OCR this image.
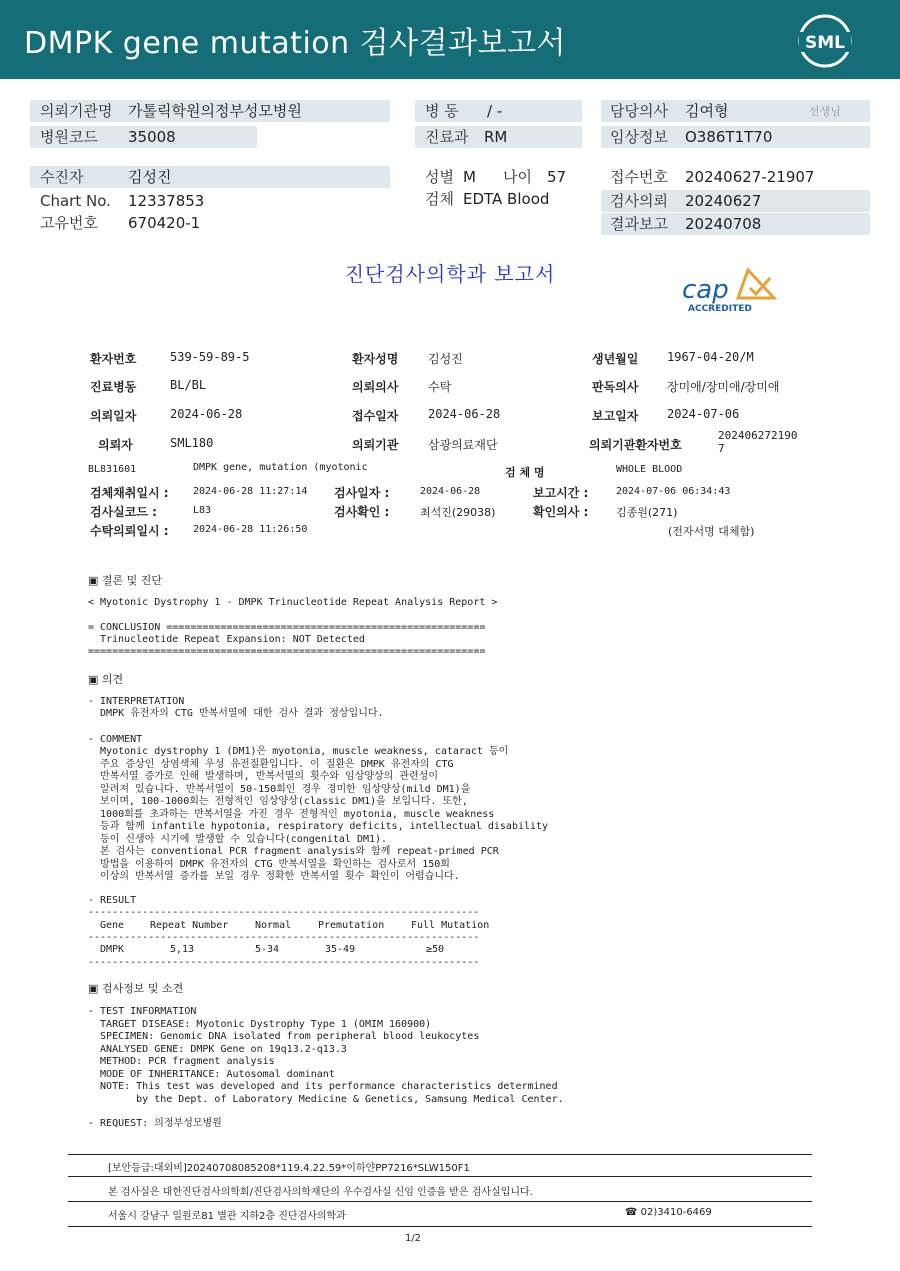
DMPK gene mutation 검사결과보고서	SML
의뢰기관명 가톨릭학원의정부성모병원
병원코드 35008
병 동 / -
진료과 RM
담당의사 김여형	선생님
임상정보 O386T1T70
수진자	김성진
Chart No. 12337853
고유번호 670420-1
성별 M 나이 57
검체 EDTA Blood
접수번호 20240627-21907
검사의뢰 20240627
결과보고 20240708
진단검사의학과 보고서
cap
ACCREDITED
환자번호	539-59-89-5	환자성명 김성진	생년월일 1967-04-20/M
진료병동	BL/BL	의뢰의사 수탁	판독의사 장미애/장미애/장미애
의뢰일자	2024-06-28	접수일자 2024-06-28	보고일자 2024-07-06
의뢰자	SML180	의뢰기관 삼광의료재단	의뢰기관환자번호
202406272190
7
BL831601	DMPK gene, mutation (myotonic	검 체 명	WHOLE BLOOD
검체채취일시 : 2024-06-28 11:27:14 검사일자 :	2024-06-28	보고시간 :	2024-07-06 06:34:43
검사실코드 :	L83	검사확인 :	최석진(29038)	확인의사 :	김종원(271)
수탁의뢰일시 : 2024-06-28 11:26:50	(전자서명 대체함)
▣ 결론 및 진단
< Myotonic Dystrophy 1 - DMPK Trinucleotide Repeat Analysis Report >
= CONCLUSION =====================================================
Trinucleotide Repeat Expansion: NOT Detected
==================================================================
▣ 의견
- INTERPRETATION
DMPK 유전자의 CTG 반복서열에 대한 검사 결과 정상입니다.
- COMMENT
Myotonic dystrophy 1 (DM1)은 myotonia, muscle weakness, cataract 등이
주요 증상인 상염색체 우성 유전질환입니다. 이 질환은 DMPK 유전자의 CTG
반복서열 증가로 인해 발생하며, 반복서열의 횟수와 임상양상의 관련성이
알려져 있습니다. 반복서열이 50-150회인 경우 경미한 임상양상(mild DM1)을
보이며, 100-1000회는 전형적인 임상양상(classic DM1)을 보입니다. 또한,
1000회를 초과하는 반복서열을 가진 경우 전형적인 myotonia, muscle weakness
등과 함께 infantile hypotonia, respiratory deficits, intellectual disability
등이 신생아 시기에 발생할 수 있습니다(congenital DM1).
본 검사는 conventional PCR fragment analysis와 함께 repeat-primed PCR
방법을 이용하여 DMPK 유전자의 CTG 반복서열을 확인하는 검사로서 150회
이상의 반복서열 증가를 보일 경우 정확한 반복서열 횟수 확인이 어렵습니다.
- RESULT
-----------------------------------------------------------------
Gene	Repeat Number	Normal	Premutation	Full Mutation
-----------------------------------------------------------------
DMPK	5,13	5-34	35-49	≥50
-----------------------------------------------------------------
▣ 검사정보 및 소견
- TEST INFORMATION
TARGET DISEASE: Myotonic Dystrophy Type 1 (OMIM 160900)
SPECIMEN: Genomic DNA isolated from peripheral blood leukocytes
ANALYSED GENE: DMPK Gene on 19q13.2-q13.3
METHOD: PCR fragment analysis
MODE OF INHERITANCE: Autosomal dominant
NOTE: This test was developed and its performance characteristics determined
by the Dept. of Laboratory Medicine & Genetics, Samsung Medical Center.
- REQUEST: 의정부성모병원
[보안등급:대외비]20240708085208*119.4.22.59*이하얀PP7216*SLW150F1
본 검사실은 대한진단검사의학회/진단검사의학재단의 우수검사실 신임 인증을 받은 검사실입니다.
서울시 강남구 일원로81 별관 지하2층 진단검사의학과	☎ 02)3410-6469
1/2
